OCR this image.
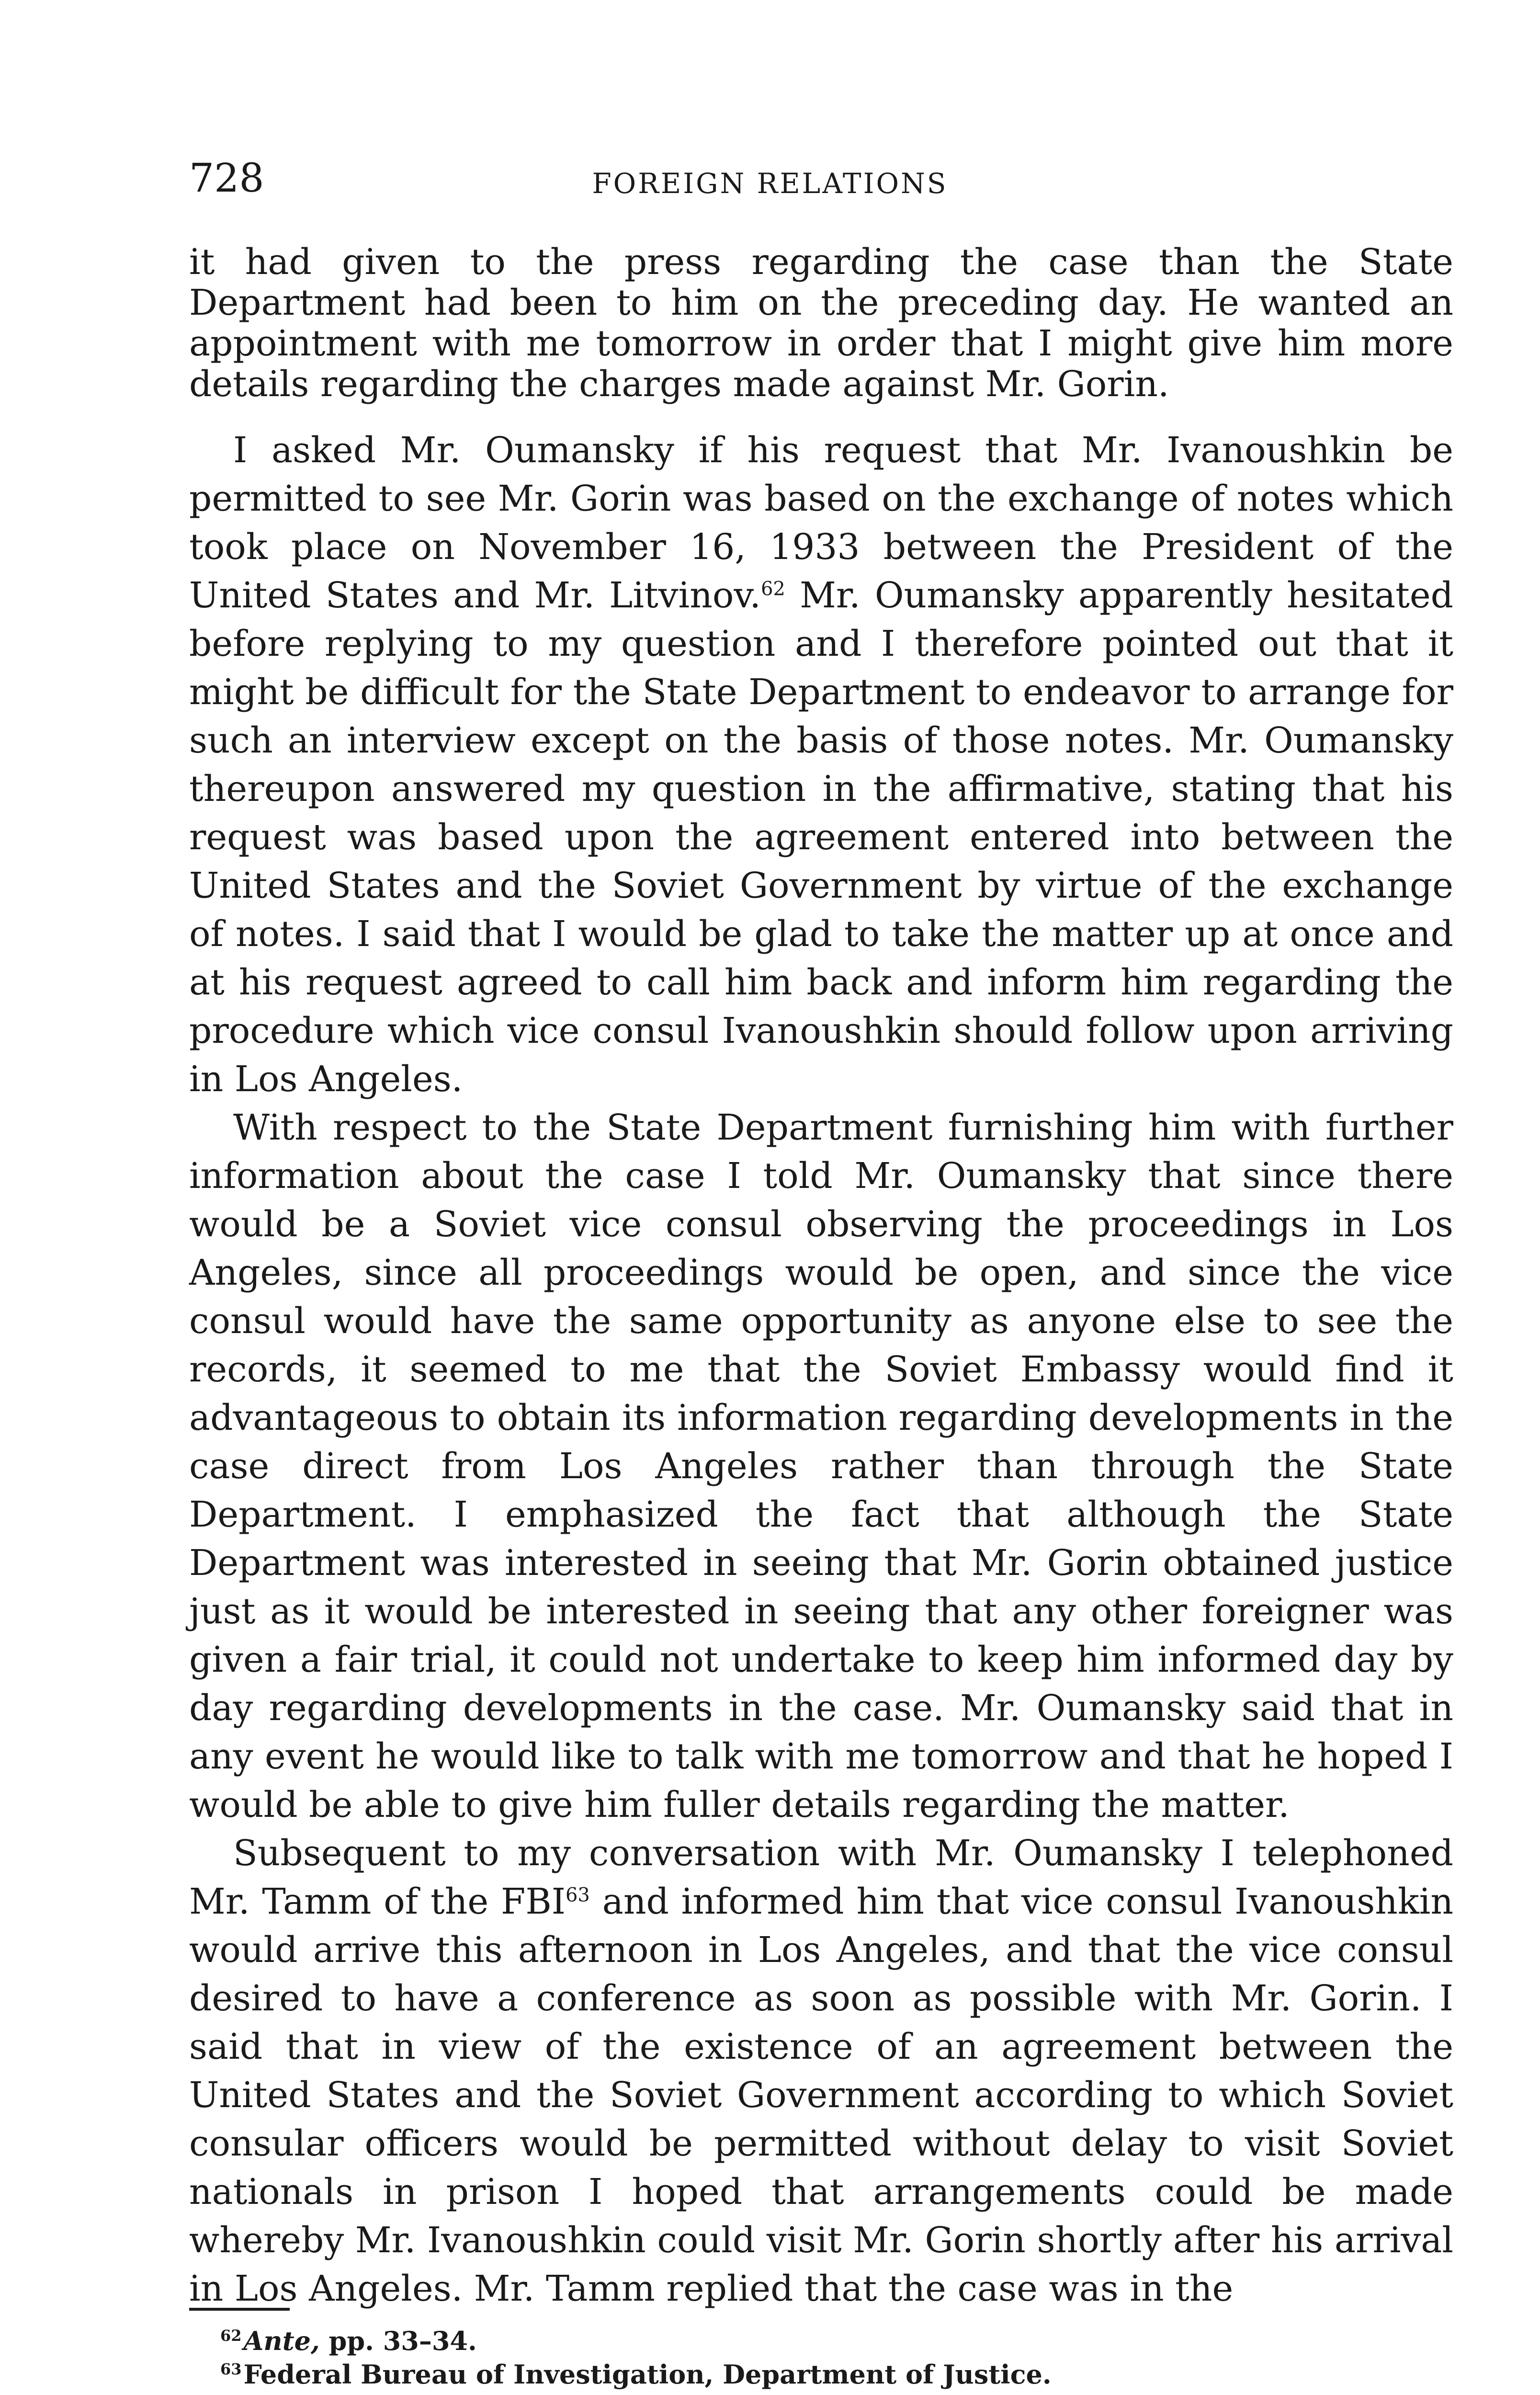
728	FOREIGN RELATIONS

it had given to the press regarding the case than the State Department had been to him on the preceding day. He wanted an appointment with me tomorrow in order that I might give him more details regarding the charges made against Mr. Gorin.

I asked Mr. Oumansky if his request that Mr. Ivanoushkin be permitted to see Mr. Gorin was based on the exchange of notes which took place on November 16, 1933 between the President of the United States and Mr. Litvinov.$^{62}$ Mr. Oumansky apparently hesitated before replying to my question and I therefore pointed out that it might be difficult for the State Department to endeavor to arrange for such an interview except on the basis of those notes. Mr. Oumansky thereupon answered my question in the affirmative, stating that his request was based upon the agreement entered into between the United States and the Soviet Government by virtue of the exchange of notes. I said that I would be glad to take the matter up at once and at his request agreed to call him back and inform him regarding the procedure which vice consul Ivanoushkin should follow upon arriving in Los Angeles.

With respect to the State Department furnishing him with further information about the case I told Mr. Oumansky that since there would be a Soviet vice consul observing the proceedings in Los Angeles, since all proceedings would be open, and since the vice consul would have the same opportunity as anyone else to see the records, it seemed to me that the Soviet Embassy would find it advantageous to obtain its information regarding developments in the case direct from Los Angeles rather than through the State Department. I emphasized the fact that although the State Department was interested in seeing that Mr. Gorin obtained justice just as it would be interested in seeing that any other foreigner was given a fair trial, it could not undertake to keep him informed day by day regarding developments in the case. Mr. Oumansky said that in any event he would like to talk with me tomorrow and that he hoped I would be able to give him fuller details regarding the matter.

Subsequent to my conversation with Mr. Oumansky I telephoned Mr. Tamm of the FBI$^{63}$ and informed him that vice consul Ivanoushkin would arrive this afternoon in Los Angeles, and that the vice consul desired to have a conference as soon as possible with Mr. Gorin. I said that in view of the existence of an agreement between the United States and the Soviet Government according to which Soviet consular officers would be permitted without delay to visit Soviet nationals in prison I hoped that arrangements could be made whereby Mr. Ivanoushkin could visit Mr. Gorin shortly after his arrival in Los Angeles. Mr. Tamm replied that the case was in the

$^{62}$Ante, pp. 33–34.

$^{63}$Federal Bureau of Investigation, Department of Justice.
